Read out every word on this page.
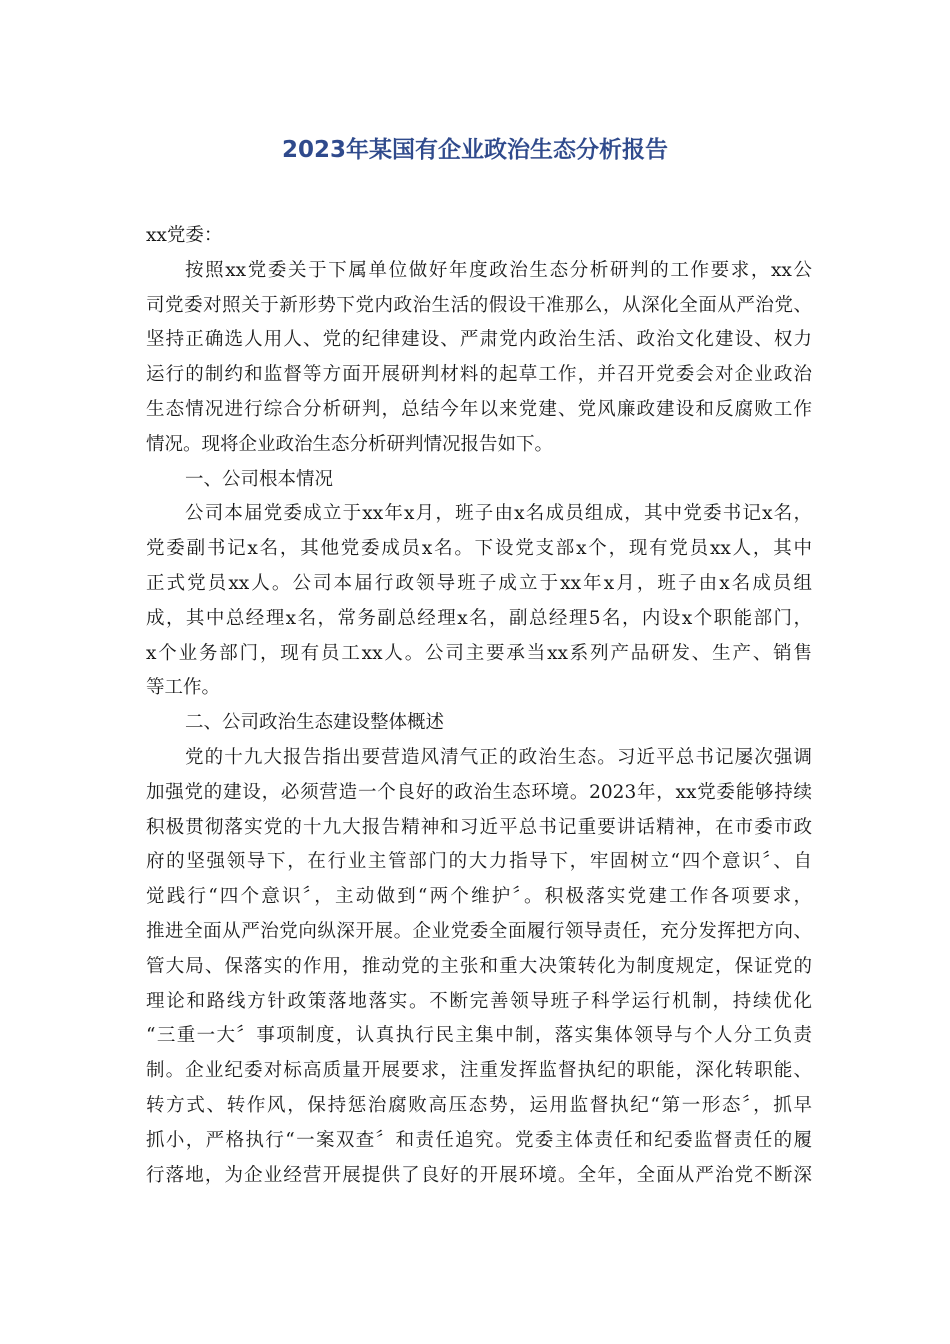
2023年某国有企业政治生态分析报告
xx党委：
按照xx党委关于下属单位做好年度政治生态分析研判的工作要求，xx公
司党委对照关于新形势下党内政治生活的假设干准那么，从深化全面从严治党、
坚持正确选人用人、党的纪律建设、严肃党内政治生活、政治文化建设、权力
运行的制约和监督等方面开展研判材料的起草工作，并召开党委会对企业政治
生态情况进行综合分析研判，总结今年以来党建、党风廉政建设和反腐败工作
情况。现将企业政治生态分析研判情况报告如下。
一、公司根本情况
公司本届党委成立于xx年x月，班子由x名成员组成，其中党委书记x名，
党委副书记x名，其他党委成员x名。下设党支部x个，现有党员xx人，其中
正式党员xx人。公司本届行政领导班子成立于xx年x月，班子由x名成员组
成，其中总经理x名，常务副总经理x名，副总经理5名，内设x个职能部门，
x个业务部门，现有员工xx人。公司主要承当xx系列产品研发、生产、销售
等工作。
二、公司政治生态建设整体概述
党的十九大报告指出要营造风清气正的政治生态。习近平总书记屡次强调
加强党的建设，必须营造一个良好的政治生态环境。2023年，xx党委能够持续
积极贯彻落实党的十九大报告精神和习近平总书记重要讲话精神，在市委市政
府的坚强领导下，在行业主管部门的大力指导下，牢固树立“四个意识〞、自
觉践行“四个意识〞，主动做到“两个维护〞。积极落实党建工作各项要求，
推进全面从严治党向纵深开展。企业党委全面履行领导责任，充分发挥把方向、
管大局、保落实的作用，推动党的主张和重大决策转化为制度规定，保证党的
理论和路线方针政策落地落实。不断完善领导班子科学运行机制，持续优化
“三重一大〞事项制度，认真执行民主集中制，落实集体领导与个人分工负责
制。企业纪委对标高质量开展要求，注重发挥监督执纪的职能，深化转职能、
转方式、转作风，保持惩治腐败高压态势，运用监督执纪“第一形态〞，抓早
抓小，严格执行“一案双查〞和责任追究。党委主体责任和纪委监督责任的履
行落地，为企业经营开展提供了良好的开展环境。全年，全面从严治党不断深
